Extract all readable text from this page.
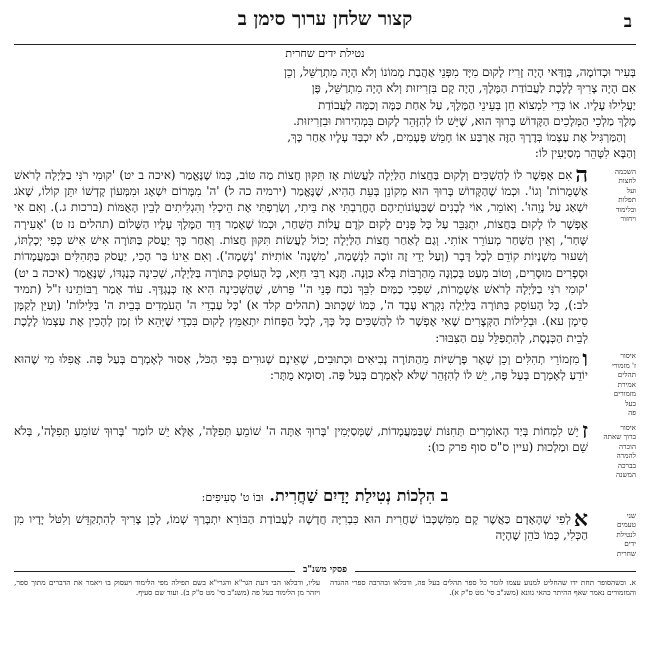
ב
קצור שלחן ערוך סימן ב
נטילת ידים שחרית

בְּעִיר וּכְדוֹמֶה, בְּוַדַּאי הָיָה זָרִיז לָקוּם מִיָּד מִפְּנֵי אַהֲבַת מְמוֹנוֹ וְלֹא הָיָה מִתְרַשֵּׁל, וְכֵן

אִם הָיָה צָרִיךְ לָלֶכֶת לַעֲבוֹדַת הַמֶּלֶךְ, הָיָה קָם בִּזְרִיזוּת וְלֹא הָיָה מִתְרַשֵּׁל, פֶּן

יַעֲלִילוּ עָלָיו. אוֹ כְּדֵי לִמְצוֹא חֵן בְּעֵינֵי הַמֶּלֶךְ, עַל אַחַת כַּמָּה וְכַמָּה לַעֲבוֹדַת

מֶלֶךְ מַלְכֵי הַמְּלָכִים הַקָּדוֹשׁ בָּרוּךְ הוּא, שֶׁיֵּשׁ לוֹ לְהִזָּהֵר לָקוּם בִּמְהִירוּת וּבִזְרִיזוּת.

וְהַמַּרְגִּיל אֶת עַצְמוֹ בְּדֶרֶךְ הַזֶּה אַרְבַּע אוֹ חָמֵשׁ פְּעָמִים, לֹא יִכְבַּד עָלָיו אַחַר כָּךְ,

וְהַבָּא לִטָּהֵר מְסַיְּעִין לוֹ:

השכמה
לחצות
ועל
תפלות
ובלימוד
ויחזור

האִם אֶפְשָׁר לוֹ לְהַשְׁכִּים וְלָקוּם בַּחֲצוֹת הַלַּיְלָה לַעֲשׂוֹת אָז תִּקּוּן חֲצוֹת מַה טּוֹב, כְּמוֹ שֶׁנֶּאֱמַר (איכה ב יט) 'קוּמִי רֹנִּי בַלַּיְלָה לְרֹאשׁ אַשְׁמֻרוֹת' וְגוֹ'. וּכְמוֹ שֶׁהַקָּדוֹשׁ בָּרוּךְ הוּא מְקוֹנֵן בְּעֵת הַהִיא, שֶׁנֶּאֱמַר (ירמיה כה ל) 'ה' מִמָּרוֹם יִשְׁאָג וּמִמְּעוֹן קָדְשׁוֹ יִתֵּן קוֹלוֹ, שָׁאֹג יִשְׁאַג עַל נָוֵהוּ'. וְאוֹמֵר, אוֹי לְבָנִים שֶׁבַּעֲוֹנוֹתֵיהֶם הֶחֱרַבְתִּי אֶת בֵּיתִי, וְשָׂרַפְתִּי אֶת הֵיכָלִי וְהִגְלִיתִים לְבֵין הָאֻמּוֹת (ברכות ג.). וְאִם אִי אֶפְשָׁר לוֹ לָקוּם בַּחֲצוֹת, יִתְגַּבֵּר עַל כָּל פָּנִים לָקוּם קֹדֶם עֲלוֹת הַשַּׁחַר, וּכְמוֹ שֶׁאָמַר דָּוִד הַמֶּלֶךְ עָלָיו הַשָּׁלוֹם (תהלים נז ט) 'אָעִירָה שָּׁחַר', וְאֵין הַשַּׁחַר מְעוֹרֵר אוֹתִי. וְגַם לְאַחַר חֲצוֹת הַלַּיְלָה יָכוֹל לַעֲשׂוֹת תִּקּוּן חֲצוֹת. וְאַחַר כָּךְ יַעֲסֹק בַּתּוֹרָה אִישׁ אִישׁ כְּפִי יְכָלְתּוֹ, וְשִׁעוּר מִשְׁנָיוֹת קוֹדֵם לְכָל דָּבָר (וְעַל יְדֵי זֶה זוֹכֶה לִנְשָׁמָה, 'מִשְׁנָה' אוֹתִיּוֹת 'נְשָׁמָה'). וְאִם אֵינוֹ בַּר הָכִי, יַעֲסֹק בַּתְּהִלִּים וּבַמַּעֲמָדוֹת וּסְפָרִים מוּסָרִים, וְטוֹב מְעַט בְּכַוָּנָה מֵהַרְבּוֹת בְּלֹא כַּוָּנָה. תָּנָא רַבִּי חִיָּא, כָּל הָעוֹסֵק בַּתּוֹרָה בַּלַּיְלָה, שְׁכִינָה כְּנֶגְדּוֹ, שֶׁנֶּאֱמַר (איכה ב יט) 'קוּמִי רֹנִּי בַלַּיְלָה לְרֹאשׁ אַשְׁמֻרוֹת, שִׁפְכִי כַמַּיִם לִבֵּךְ נֹכַח פְּנֵי ה'' פֵּרוּשׁ, שֶׁהַשְּׁכִינָה הִיא אָז כְּנֶגְדֶּךָ. עוֹד אָמַר רַבּוֹתֵינוּ ז"ל (תמיד לב:), כָּל הָעוֹסֵק בַּתּוֹרָה בַּלַּיְלָה נִקְרָא עֶבֶד ה', כְּמוֹ שֶׁכָּתוּב (תהלים קלד א) 'כָּל עַבְדֵי ה' הָעֹמְדִים בְּבֵית ה' בַּלֵּילוֹת' (וְעַיֵּן לְקַמָּן סִימָן עא). וּבְלֵילוֹת הַקְּצָרִים שֶׁאִי אֶפְשָׁר לוֹ לְהַשְׁכִּים כָּל כָּךְ, לְכָל הַפָּחוֹת יִתְאַמֵּץ לָקוּם בִּכְדֵי שֶׁיְּהֵא לוֹ זְמַן לְהָכִין אֶת עַצְמוֹ לָלֶכֶת לְבֵית הַכְּנֶסֶת, לְהִתְפַּלֵּל עִם הַצִּבּוּר:

איסור
ז' מזמורי
תהלים
אמירת
מזמורים
בעל
פה

ומִזְמוֹרֵי תְהִלִּים וְכֵן שְׁאָר פָּרָשִׁיּוֹת מֵהַתּוֹרָה נְבִיאִים וּכְתוּבִים, שֶׁאֵינָם שְׁגוּרִים בְּפִי הַכֹּל, אָסוּר לְאָמְרָם בְּעַל פֶּה. אֲפִלּוּ מִי שֶׁהוּא יוֹדֵעַ לְאָמְרָם בְּעַל פֶּה, יֵשׁ לוֹ לְהִזָּהֵר שֶׁלֹּא לְאָמְרָם בְּעַל פֶּה. וְסוּמָא מֻתָּר:

איסור
ברוך שאתה
הוכרה
להמרה
בברכה
המשנה

זיֵשׁ לִמְחוֹת בְּיַד הָאוֹמְרִים תְּחִנּוֹת שֶׁבַּמַּעֲמָדוֹת, שֶׁמְּסַיְּמִין 'בָּרוּךְ אַתָּה ה' שׁוֹמֵעַ תְּפִלָּה', אֶלָּא יֵשׁ לוֹמַר 'בָּרוּךְ שׁוֹמֵעַ תְּפִלָּה', בְּלֹא שֵׁם וּמַלְכוּת (עיין ס"ס סוף פרק כו):

ב הִלְכוֹת נְטִילַת יָדַיִם שַׁחֲרִית. וּבוֹ ט' סְעִיפִים:
שני
טעמים
לנטילת
ידים
שחרית

אלְפִי שֶׁהָאָדָם כַּאֲשֶׁר קָם מִמִּשְׁכָּבוֹ שַׁחֲרִית הוּא כִּבְרִיָּה חֲדָשָׁה לַעֲבוֹדַת הַבּוֹרֵא יִתְבָּרַךְ שְׁמוֹ, לָכֵן צָרִיךְ לְהִתְקַדֵּשׁ וְלִטֹּל יָדָיו מִן הַכְּלִי, כְּמוֹ כֹּהֵן שֶׁהָיָה

פסקי משנ"ב
א. וכשהסופר תחת ידו שהחליט למנוע עצמו לומר כל ספר תהלים בעל פה, ודבלאו ובהרבה ספרי ההגדה והמזמורים נאמר שאף ההיתר כהאי גוונא (משנ"ב סי' מט ס"ק א).
עליו, ודבלאו הבי דעת הגר"א והגרי"א בשם תפילה מפי הלימוד ויעסוק בו ויאמר את הדברים מתוך ספר, ויזהר מן הלימוד בעל פה (משנ"ב סי' מט ס"ק ב). ועוד שם סעיף.
